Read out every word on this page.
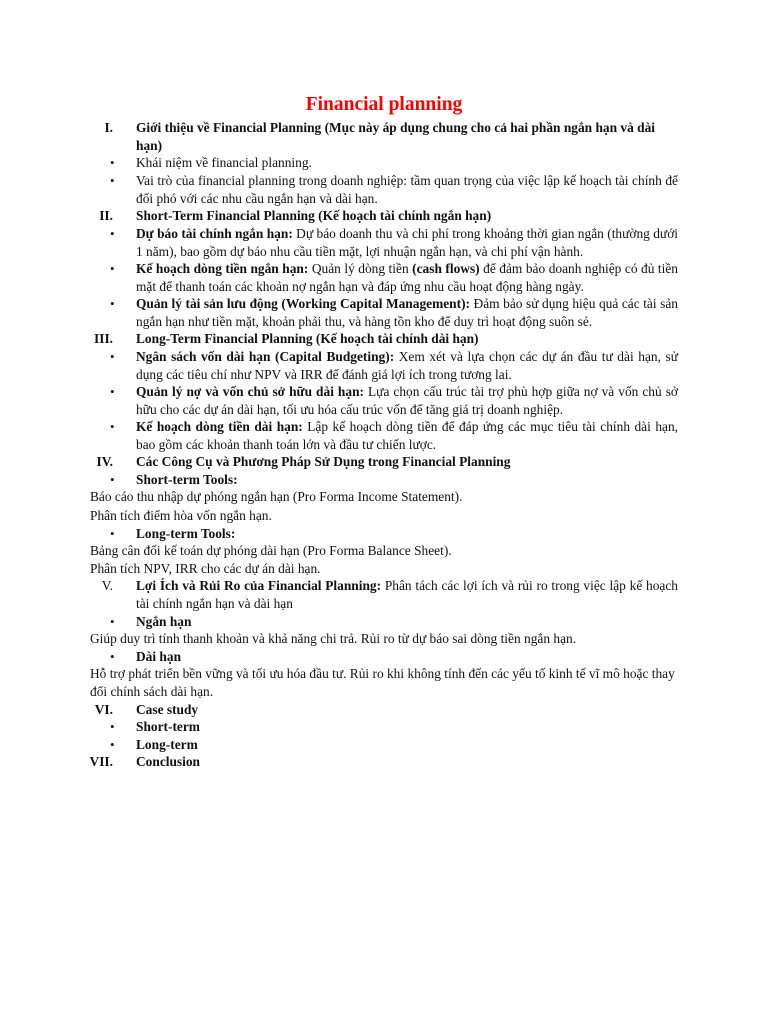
Financial planning
I. Giới thiệu về Financial Planning (Mục này áp dụng chung cho cả hai phần ngắn hạn và dài hạn)
• Khái niệm về financial planning.
• Vai trò của financial planning trong doanh nghiệp: tầm quan trọng của việc lập kế hoạch tài chính để đối phó với các nhu cầu ngắn hạn và dài hạn.
II. Short-Term Financial Planning (Kế hoạch tài chính ngắn hạn)
• Dự báo tài chính ngắn hạn: Dự báo doanh thu và chi phí trong khoảng thời gian ngắn (thường dưới 1 năm), bao gồm dự báo nhu cầu tiền mặt, lợi nhuận ngắn hạn, và chi phí vận hành.
• Kế hoạch dòng tiền ngắn hạn: Quản lý dòng tiền (cash flows) để đảm bảo doanh nghiệp có đủ tiền mặt để thanh toán các khoản nợ ngắn hạn và đáp ứng nhu cầu hoạt động hàng ngày.
• Quản lý tài sản lưu động (Working Capital Management): Đảm bảo sử dụng hiệu quả các tài sản ngắn hạn như tiền mặt, khoản phải thu, và hàng tồn kho để duy trì hoạt động suôn sẻ.
III. Long-Term Financial Planning (Kế hoạch tài chính dài hạn)
• Ngân sách vốn dài hạn (Capital Budgeting): Xem xét và lựa chọn các dự án đầu tư dài hạn, sử dụng các tiêu chí như NPV và IRR để đánh giá lợi ích trong tương lai.
• Quản lý nợ và vốn chủ sở hữu dài hạn: Lựa chọn cấu trúc tài trợ phù hợp giữa nợ và vốn chủ sở hữu cho các dự án dài hạn, tối ưu hóa cấu trúc vốn để tăng giá trị doanh nghiệp.
• Kế hoạch dòng tiền dài hạn: Lập kế hoạch dòng tiền để đáp ứng các mục tiêu tài chính dài hạn, bao gồm các khoản thanh toán lớn và đầu tư chiến lược.
IV. Các Công Cụ và Phương Pháp Sử Dụng trong Financial Planning
• Short-term Tools:
Báo cáo thu nhập dự phóng ngắn hạn (Pro Forma Income Statement).
Phân tích điểm hòa vốn ngắn hạn.
• Long-term Tools:
Bảng cân đối kế toán dự phóng dài hạn (Pro Forma Balance Sheet).
Phân tích NPV, IRR cho các dự án dài hạn.
V. Lợi Ích và Rủi Ro của Financial Planning: Phân tách các lợi ích và rủi ro trong việc lập kế hoạch tài chính ngắn hạn và dài hạn
• Ngắn hạn
Giúp duy trì tính thanh khoản và khả năng chi trả. Rủi ro từ dự báo sai dòng tiền ngắn hạn.
• Dài hạn
Hỗ trợ phát triển bền vững và tối ưu hóa đầu tư. Rủi ro khi không tính đến các yếu tố kinh tế vĩ mô hoặc thay đổi chính sách dài hạn.
VI. Case study
• Short-term
• Long-term
VII. Conclusion
